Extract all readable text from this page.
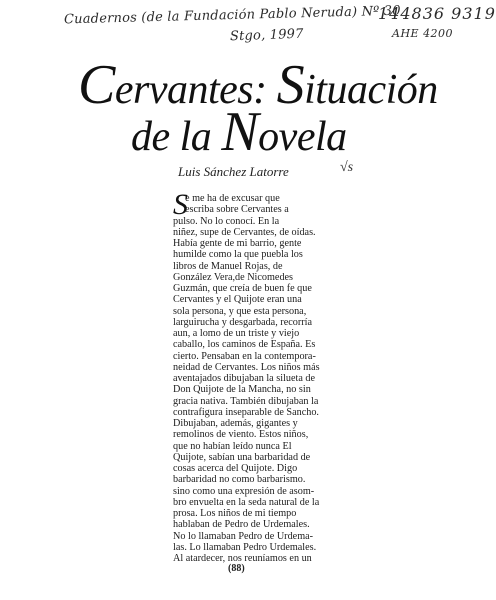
Cuadernos (de la Fundación Pablo Neruda) Nº 30
Stgo, 1997
144836 9319
AHE 4200
Cervantes: Situación
de la Novela
Luis Sánchez Latorre	√s
S
e me ha de excusar que
escriba sobre Cervantes a
pulso. No lo conocí. En la
niñez, supe de Cervantes, de oídas.
Había gente de mi barrio, gente
humilde como la que puebla los
libros de Manuel Rojas, de
González Vera,de Nicomedes
Guzmán, que creía de buen fe que
Cervantes y el Quijote eran una
sola persona, y que esta persona,
larguirucha y desgarbada, recorría
aun, a lomo de un triste y viejo
caballo, los caminos de España. Es
cierto. Pensaban en la contempora-
neidad de Cervantes. Los niños más
aventajados dibujaban la silueta de
Don Quijote de la Mancha, no sin
gracia nativa. También dibujaban la
contrafigura inseparable de Sancho.
Dibujaban, además, gigantes y
remolinos de viento. Estos niños,
que no habían leído nunca El
Quijote, sabían una barbaridad de
cosas acerca del Quijote. Digo
barbaridad no como barbarismo.
sino como una expresión de asom-
bro envuelta en la seda natural de la
prosa. Los niños de mi tiempo
hablaban de Pedro de Urdemales.
No lo llamaban Pedro de Urdema-
las. Lo llamaban Pedro Urdemales.
Al atardecer, nos reuníamos en un
(88)
